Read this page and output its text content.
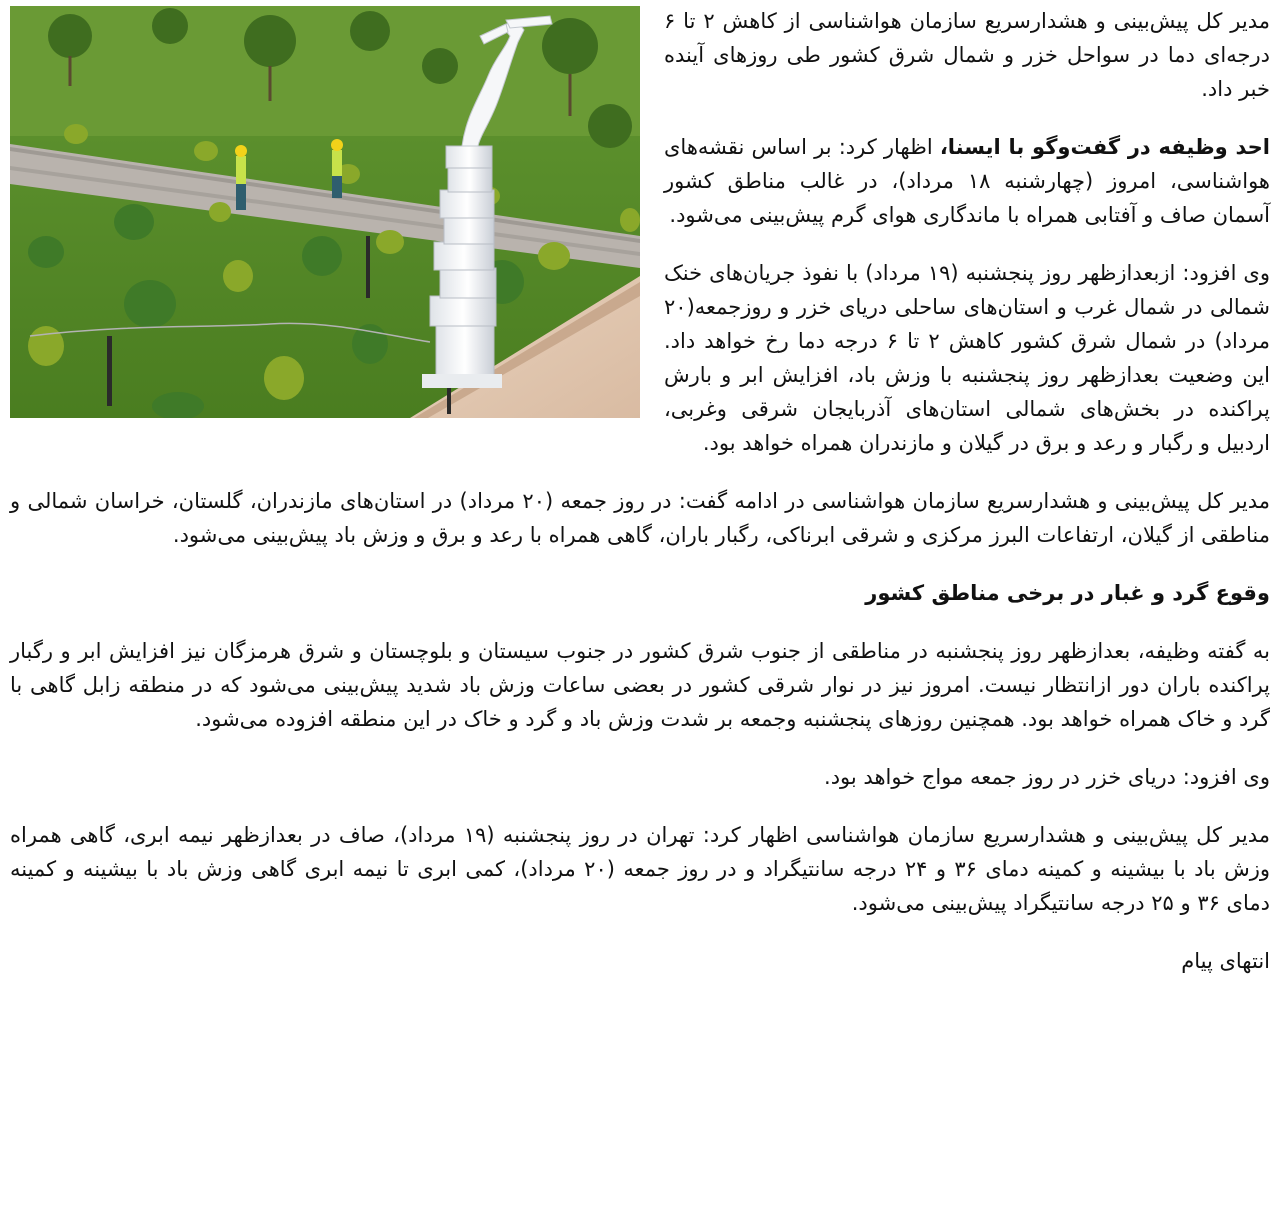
مدیر کل پیش‌بینی و هشدارسریع سازمان هواشناسی از کاهش ۲ تا ۶ درجه‌ای دما در سواحل خزر و شمال شرق کشور طی روزهای آینده خبر داد.

احد وظیفه در گفت‌وگو با ایسنا، اظهار کرد: بر اساس نقشه‌های هواشناسی، امروز (چهارشنبه ۱۸ مرداد)، در غالب مناطق کشور آسمان صاف و آفتابی همراه با ماندگاری هوای گرم پیش‌بینی می‌شود.

وی افزود: ازبعدازظهر روز پنجشنبه (۱۹ مرداد) با نفوذ جریان‌های خنک شمالی در شمال غرب و استان‌های ساحلی دریای خزر و روزجمعه(۲۰ مرداد) در شمال شرق کشور کاهش ۲ تا ۶ درجه دما رخ خواهد داد. این وضعیت بعدازظهر روز پنجشنبه با وزش باد، افزایش ابر و بارش پراکنده در بخش‌های شمالی استان‌های آذربایجان شرقی وغربی، اردبیل و رگبار و رعد و برق در گیلان و مازندران همراه خواهد بود.

مدیر کل پیش‌بینی و هشدارسریع سازمان هواشناسی در ادامه گفت: در روز جمعه (۲۰ مرداد) در استان‌های مازندران، گلستان، خراسان شمالی و مناطقی از گیلان، ارتفاعات البرز مرکزی و شرقی ابرناکی، رگبار باران، گاهی همراه با رعد و برق و وزش باد پیش‌بینی می‌شود.

وقوع گرد و غبار در برخی مناطق کشور

به گفته وظیفه، بعدازظهر روز پنجشنبه در مناطقی از جنوب شرق کشور در جنوب سیستان و بلوچستان و شرق هرمزگان نیز افزایش ابر و رگبار پراکنده باران دور ازانتظار نیست. امروز نیز در نوار شرقی کشور در بعضی ساعات وزش باد شدید پیش‌بینی می‌شود که در منطقه زابل گاهی با گرد و خاک همراه خواهد بود. همچنین روزهای پنجشنبه وجمعه بر شدت وزش باد و گرد و خاک در این منطقه افزوده می‌شود.

وی افزود: دریای خزر در روز جمعه مواج خواهد بود.

مدیر کل پیش‌بینی و هشدارسریع سازمان هواشناسی اظهار کرد: تهران در روز پنجشنبه (۱۹ مرداد)، صاف در بعدازظهر نیمه ابری، گاهی همراه وزش باد با بیشینه و کمینه دمای ۳۶ و ۲۴ درجه سانتیگراد و در روز جمعه (۲۰ مرداد)، کمی ابری تا نیمه ابری گاهی وزش باد با بیشینه و کمینه دمای ۳۶ و ۲۵ درجه سانتیگراد پیش‌بینی می‌شود.

انتهای پیام
